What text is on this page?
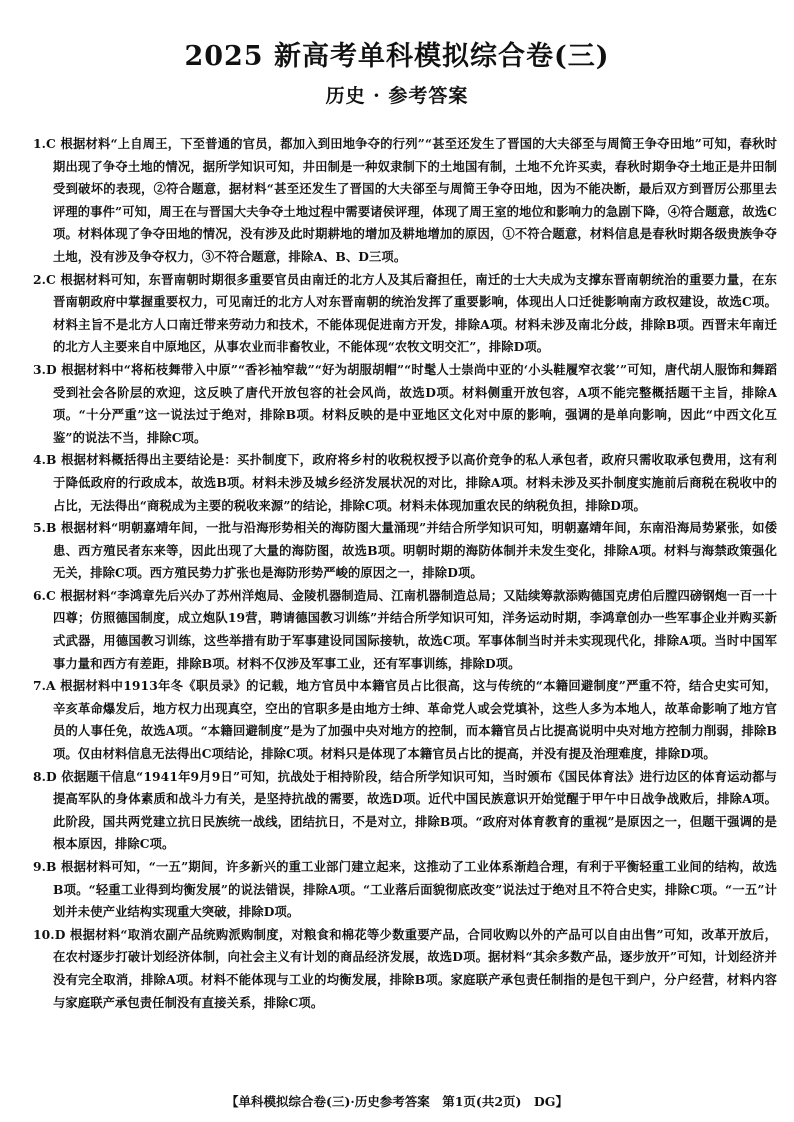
2025 新高考单科模拟综合卷(三)
历史 · 参考答案

1.C 根据材料“上自周王，下至普通的官员，都加入到田地争夺的行列”“甚至还发生了晋国的大夫郤至与周简王争夺田地”可知，春秋时期出现了争夺土地的情况，据所学知识可知，井田制是一种奴隶制下的土地国有制，土地不允许买卖，春秋时期争夺土地正是井田制受到破坏的表现，②符合题意，据材料“甚至还发生了晋国的大夫郤至与周简王争夺田地，因为不能决断，最后双方到晋厉公那里去评理的事件”可知，周王在与晋国大夫争夺土地过程中需要诸侯评理，体现了周王室的地位和影响力的急剧下降，④符合题意，故选C项。材料体现了争夺田地的情况，没有涉及此时期耕地的增加及耕地增加的原因，①不符合题意，材料信息是春秋时期各级贵族争夺土地，没有涉及争夺权力，③不符合题意，排除A、B、D三项。

2.C 根据材料可知，东晋南朝时期很多重要官员由南迁的北方人及其后裔担任，南迁的士大夫成为支撑东晋南朝统治的重要力量，在东晋南朝政府中掌握重要权力，可见南迁的北方人对东晋南朝的统治发挥了重要影响，体现出人口迁徙影响南方政权建设，故选C项。材料主旨不是北方人口南迁带来劳动力和技术，不能体现促进南方开发，排除A项。材料未涉及南北分歧，排除B项。西晋末年南迁的北方人主要来自中原地区，从事农业而非畜牧业，不能体现“农牧文明交汇”，排除D项。

3.D 根据材料中“将柘枝舞带入中原”“香衫袖窄裁”“好为胡服胡帽”“时髦人士崇尚中亚的‘小头鞋履窄衣裳’”可知，唐代胡人服饰和舞蹈受到社会各阶层的欢迎，这反映了唐代开放包容的社会风尚，故选D项。材料侧重开放包容，A项不能完整概括题干主旨，排除A项。“十分严重”这一说法过于绝对，排除B项。材料反映的是中亚地区文化对中原的影响，强调的是单向影响，因此“中西文化互鉴”的说法不当，排除C项。

4.B 根据材料概括得出主要结论是：买扑制度下，政府将乡村的收税权授予以高价竞争的私人承包者，政府只需收取承包费用，这有利于降低政府的行政成本，故选B项。材料未涉及城乡经济发展状况的对比，排除A项。材料未涉及买扑制度实施前后商税在税收中的占比，无法得出“商税成为主要的税收来源”的结论，排除C项。材料未体现加重农民的纳税负担，排除D项。

5.B 根据材料“明朝嘉靖年间，一批与沿海形势相关的海防图大量涌现”并结合所学知识可知，明朝嘉靖年间，东南沿海局势紧张，如倭患、西方殖民者东来等，因此出现了大量的海防图，故选B项。明朝时期的海防体制并未发生变化，排除A项。材料与海禁政策强化无关，排除C项。西方殖民势力扩张也是海防形势严峻的原因之一，排除D项。

6.C 根据材料“李鸿章先后兴办了苏州洋炮局、金陵机器制造局、江南机器制造总局；又陆续筹款添购德国克虏伯后膛四磅钢炮一百一十四尊；仿照德国制度，成立炮队19营，聘请德国教习训练”并结合所学知识可知，洋务运动时期，李鸿章创办一些军事企业并购买新式武器，用德国教习训练，这些举措有助于军事建设同国际接轨，故选C项。军事体制当时并未实现现代化，排除A项。当时中国军事力量和西方有差距，排除B项。材料不仅涉及军事工业，还有军事训练，排除D项。

7.A 根据材料中1913年冬《职员录》的记载，地方官员中本籍官员占比很高，这与传统的“本籍回避制度”严重不符，结合史实可知，辛亥革命爆发后，地方权力出现真空，空出的官职多是由地方士绅、革命党人或会党填补，这些人多为本地人，故革命影响了地方官员的人事任免，故选A项。“本籍回避制度”是为了加强中央对地方的控制，而本籍官员占比提高说明中央对地方控制力削弱，排除B项。仅由材料信息无法得出C项结论，排除C项。材料只是体现了本籍官员占比的提高，并没有提及治理难度，排除D项。

8.D 依据题干信息“1941年9月9日”可知，抗战处于相持阶段，结合所学知识可知，当时颁布《国民体育法》进行边区的体育运动都与提高军队的身体素质和战斗力有关，是坚持抗战的需要，故选D项。近代中国民族意识开始觉醒于甲午中日战争战败后，排除A项。此阶段，国共两党建立抗日民族统一战线，团结抗日，不是对立，排除B项。“政府对体育教育的重视”是原因之一，但题干强调的是根本原因，排除C项。

9.B 根据材料可知，“一五”期间，许多新兴的重工业部门建立起来，这推动了工业体系渐趋合理，有利于平衡轻重工业间的结构，故选B项。“轻重工业得到均衡发展”的说法错误，排除A项。“工业落后面貌彻底改变”说法过于绝对且不符合史实，排除C项。“一五”计划并未使产业结构实现重大突破，排除D项。

10.D 根据材料“取消农副产品统购派购制度，对粮食和棉花等少数重要产品，合同收购以外的产品可以自由出售”可知，改革开放后，在农村逐步打破计划经济体制，向社会主义有计划的商品经济发展，故选D项。据材料“其余多数产品，逐步放开”可知，计划经济并没有完全取消，排除A项。材料不能体现与工业的均衡发展，排除B项。家庭联产承包责任制指的是包干到户，分户经营，材料内容与家庭联产承包责任制没有直接关系，排除C项。

【单科模拟综合卷(三)·历史参考答案　第1页(共2页)　DG】
